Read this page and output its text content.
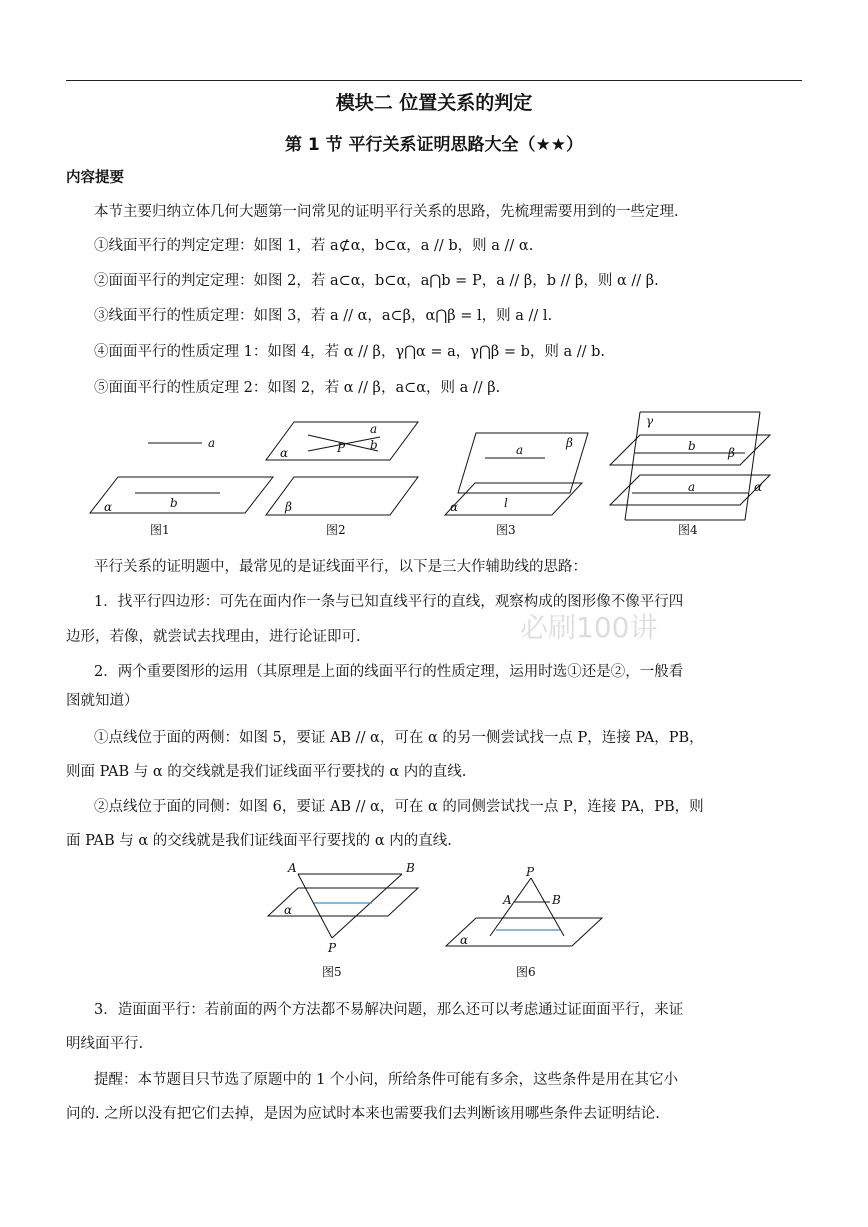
模块二 位置关系的判定
第 1 节 平行关系证明思路大全（★★）
内容提要
本节主要归纳立体几何大题第一问常见的证明平行关系的思路，先梳理需要用到的一些定理.
①线面平行的判定定理：如图 1，若 a⊄α，b⊂α，a // b，则 a // α.
②面面平行的判定定理：如图 2，若 a⊂α，b⊂α，a⋂b = P，a // β，b // β，则 α // β.
③线面平行的性质定理：如图 3，若 a // α，a⊂β，α⋂β = l，则 a // l.
④面面平行的性质定理 1：如图 4，若 α // β，γ⋂α = a，γ⋂β = b，则 a // b.
⑤面面平行的性质定理 2：如图 2，若 α // β，a⊂α，则 a // β.
a
b
α
a
P b
α
β
a	β
α	l
γ
b	β
a	α
图1	图2	图3	图4
平行关系的证明题中，最常见的是证线面平行，以下是三大作辅助线的思路：
1．找平行四边形：可先在面内作一条与已知直线平行的直线，观察构成的图形像不像平行四
边形，若像，就尝试去找理由，进行论证即可.
2．两个重要图形的运用（其原理是上面的线面平行的性质定理，运用时选①还是②，一般看
图就知道）
①点线位于面的两侧：如图 5，要证 AB // α，可在 α 的另一侧尝试找一点 P，连接 PA，PB，
则面 PAB 与 α 的交线就是我们证线面平行要找的 α 内的直线.
②点线位于面的同侧：如图 6，要证 AB // α，可在 α 的同侧尝试找一点 P，连接 PA，PB，则
面 PAB 与 α 的交线就是我们证线面平行要找的 α 内的直线.
必刷100讲
A	B
α
P
P
A	B
α
图5	图6
3．造面面平行：若前面的两个方法都不易解决问题，那么还可以考虑通过证面面平行，来证
明线面平行.
提醒：本节题目只节选了原题中的 1 个小问，所给条件可能有多余，这些条件是用在其它小
问的. 之所以没有把它们去掉，是因为应试时本来也需要我们去判断该用哪些条件去证明结论.
